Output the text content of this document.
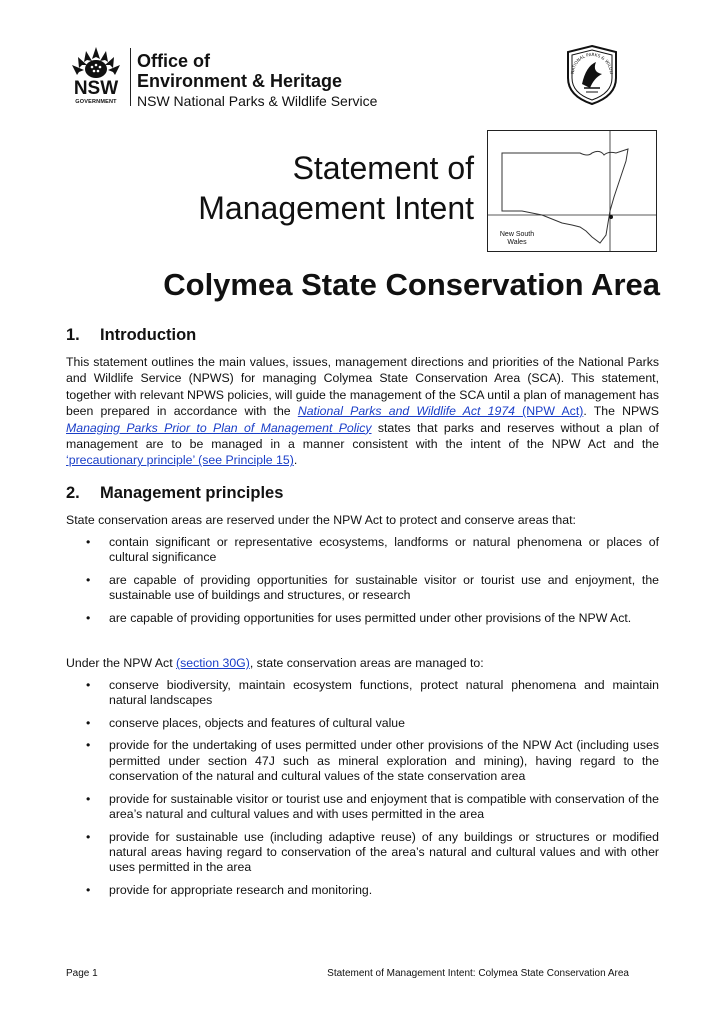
NSW
GOVERNMENT
Office of
Environment & Heritage
NSW National Parks & Wildlife Service
NATIONAL PARKS & WILDLI
Statement of
Management Intent
New South
Wales
Colymea State Conservation Area
1. Introduction
This statement outlines the main values, issues, management directions and priorities of the National Parks and Wildlife Service (NPWS) for managing Colymea State Conservation Area (SCA). This statement, together with relevant NPWS policies, will guide the management of the SCA until a plan of management has been prepared in accordance with the National Parks and Wildlife Act 1974 (NPW Act). The NPWS Managing Parks Prior to Plan of Management Policy states that parks and reserves without a plan of management are to be managed in a manner consistent with the intent of the NPW Act and the ‘precautionary principle’ (see Principle 15).
2. Management principles
State conservation areas are reserved under the NPW Act to protect and conserve areas that:
• contain significant or representative ecosystems, landforms or natural phenomena or places of cultural significance
• are capable of providing opportunities for sustainable visitor or tourist use and enjoyment, the sustainable use of buildings and structures, or research
• are capable of providing opportunities for uses permitted under other provisions of the NPW Act.
Under the NPW Act (section 30G), state conservation areas are managed to:
• conserve biodiversity, maintain ecosystem functions, protect natural phenomena and maintain natural landscapes
• conserve places, objects and features of cultural value
• provide for the undertaking of uses permitted under other provisions of the NPW Act (including uses permitted under section 47J such as mineral exploration and mining), having regard to the conservation of the natural and cultural values of the state conservation area
• provide for sustainable visitor or tourist use and enjoyment that is compatible with conservation of the area’s natural and cultural values and with uses permitted in the area
• provide for sustainable use (including adaptive reuse) of any buildings or structures or modified natural areas having regard to conservation of the area’s natural and cultural values and with other uses permitted in the area
• provide for appropriate research and monitoring.
Page 1	Statement of Management Intent: Colymea State Conservation Area
